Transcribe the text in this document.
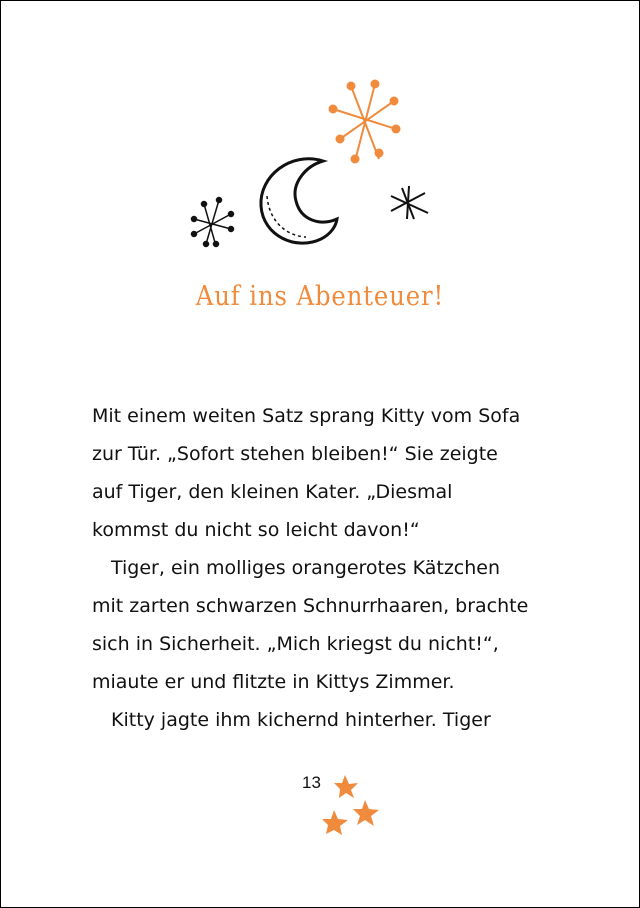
Auf ins Abenteuer!
Mit einem weiten Satz sprang Kitty vom Sofa
zur Tür. „Sofort stehen bleiben!“ Sie zeigte
auf Tiger, den kleinen Kater. „Diesmal
kommst du nicht so leicht davon!“
Tiger, ein molliges orangerotes Kätzchen
mit zarten schwarzen Schnurrhaaren, brachte
sich in Sicherheit. „Mich kriegst du nicht!“,
miaute er und flitzte in Kittys Zimmer.
Kitty jagte ihm kichernd hinterher. Tiger
13
